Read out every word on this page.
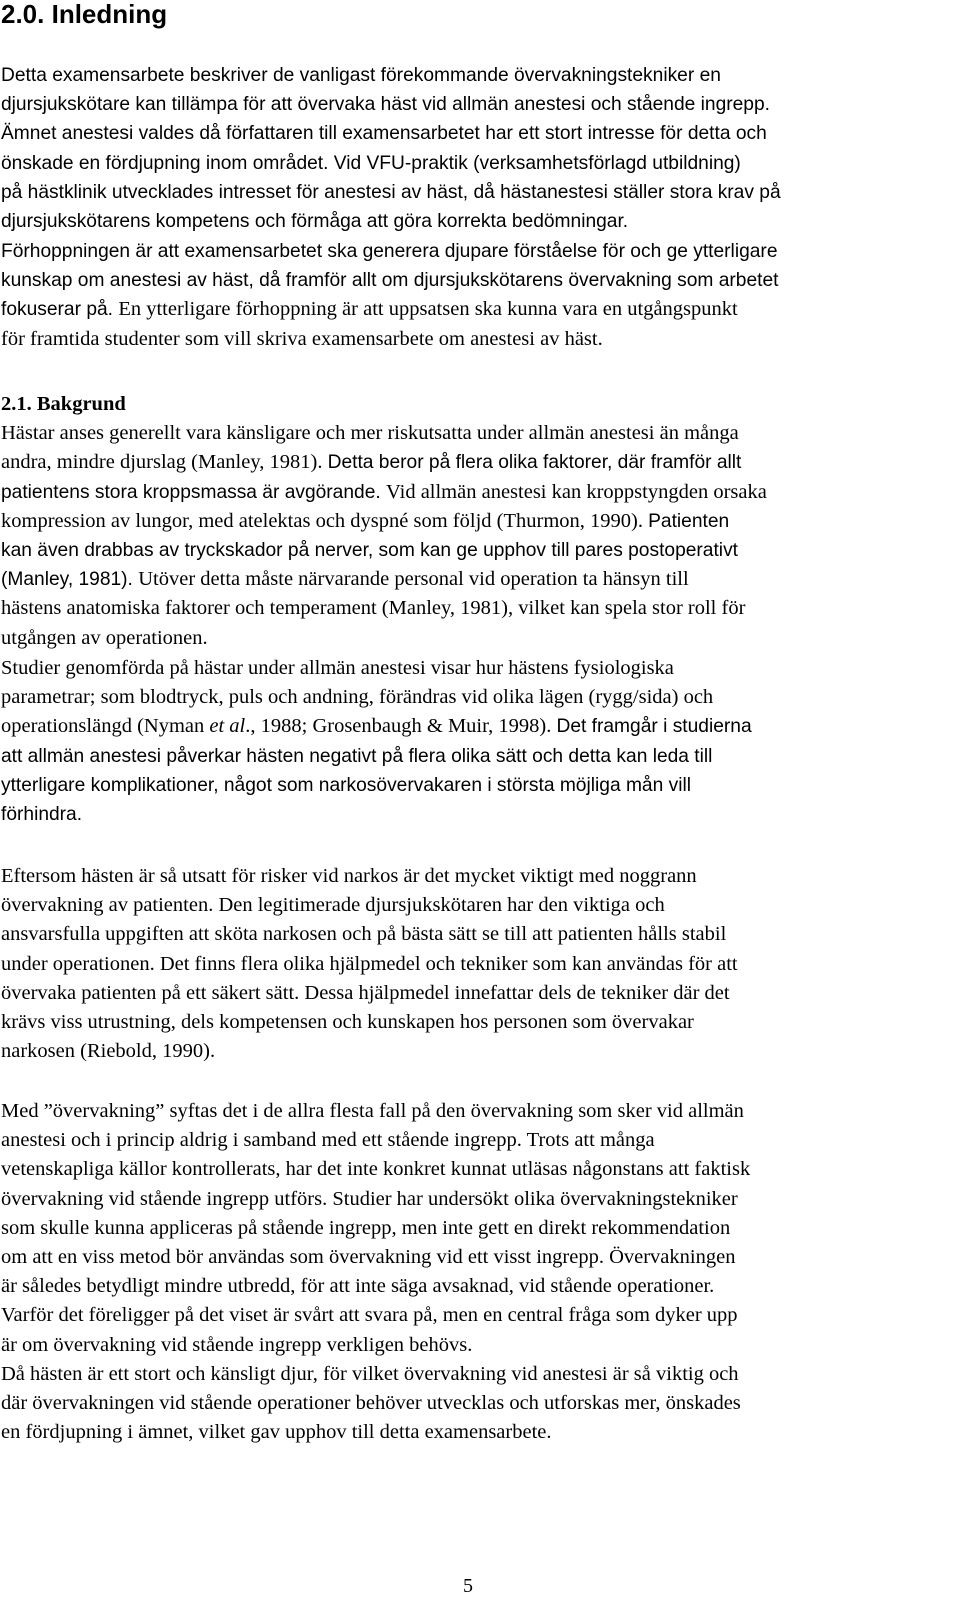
2.0. Inledning
Detta examensarbete beskriver de vanligast förekommande övervakningstekniker en
djursjukskötare kan tillämpa för att övervaka häst vid allmän anestesi och stående ingrepp.
Ämnet anestesi valdes då författaren till examensarbetet har ett stort intresse för detta och
önskade en fördjupning inom området. Vid VFU-praktik (verksamhetsförlagd utbildning)
på hästklinik utvecklades intresset för anestesi av häst, då hästanestesi ställer stora krav på
djursjukskötarens kompetens och förmåga att göra korrekta bedömningar.
Förhoppningen är att examensarbetet ska generera djupare förståelse för och ge ytterligare
kunskap om anestesi av häst, då framför allt om djursjukskötarens övervakning som arbetet
fokuserar på. En ytterligare förhoppning är att uppsatsen ska kunna vara en utgångspunkt
för framtida studenter som vill skriva examensarbete om anestesi av häst.
2.1. Bakgrund
Hästar anses generellt vara känsligare och mer riskutsatta under allmän anestesi än många
andra, mindre djurslag (Manley, 1981). Detta beror på flera olika faktorer, där framför allt
patientens stora kroppsmassa är avgörande. Vid allmän anestesi kan kroppstyngden orsaka
kompression av lungor, med atelektas och dyspné som följd (Thurmon, 1990). Patienten
kan även drabbas av tryckskador på nerver, som kan ge upphov till pares postoperativt
(Manley, 1981). Utöver detta måste närvarande personal vid operation ta hänsyn till
hästens anatomiska faktorer och temperament (Manley, 1981), vilket kan spela stor roll för
utgången av operationen.
Studier genomförda på hästar under allmän anestesi visar hur hästens fysiologiska
parametrar; som blodtryck, puls och andning, förändras vid olika lägen (rygg/sida) och
operationslängd (Nyman et al., 1988; Grosenbaugh & Muir, 1998). Det framgår i studierna
att allmän anestesi påverkar hästen negativt på flera olika sätt och detta kan leda till
ytterligare komplikationer, något som narkosövervakaren i största möjliga mån vill
förhindra.
Eftersom hästen är så utsatt för risker vid narkos är det mycket viktigt med noggrann
övervakning av patienten. Den legitimerade djursjukskötaren har den viktiga och
ansvarsfulla uppgiften att sköta narkosen och på bästa sätt se till att patienten hålls stabil
under operationen. Det finns flera olika hjälpmedel och tekniker som kan användas för att
övervaka patienten på ett säkert sätt. Dessa hjälpmedel innefattar dels de tekniker där det
krävs viss utrustning, dels kompetensen och kunskapen hos personen som övervakar
narkosen (Riebold, 1990).
Med ”övervakning” syftas det i de allra flesta fall på den övervakning som sker vid allmän
anestesi och i princip aldrig i samband med ett stående ingrepp. Trots att många
vetenskapliga källor kontrollerats, har det inte konkret kunnat utläsas någonstans att faktisk
övervakning vid stående ingrepp utförs. Studier har undersökt olika övervakningstekniker
som skulle kunna appliceras på stående ingrepp, men inte gett en direkt rekommendation
om att en viss metod bör användas som övervakning vid ett visst ingrepp. Övervakningen
är således betydligt mindre utbredd, för att inte säga avsaknad, vid stående operationer.
Varför det föreligger på det viset är svårt att svara på, men en central fråga som dyker upp
är om övervakning vid stående ingrepp verkligen behövs.
Då hästen är ett stort och känsligt djur, för vilket övervakning vid anestesi är så viktig och
där övervakningen vid stående operationer behöver utvecklas och utforskas mer, önskades
en fördjupning i ämnet, vilket gav upphov till detta examensarbete.
5
